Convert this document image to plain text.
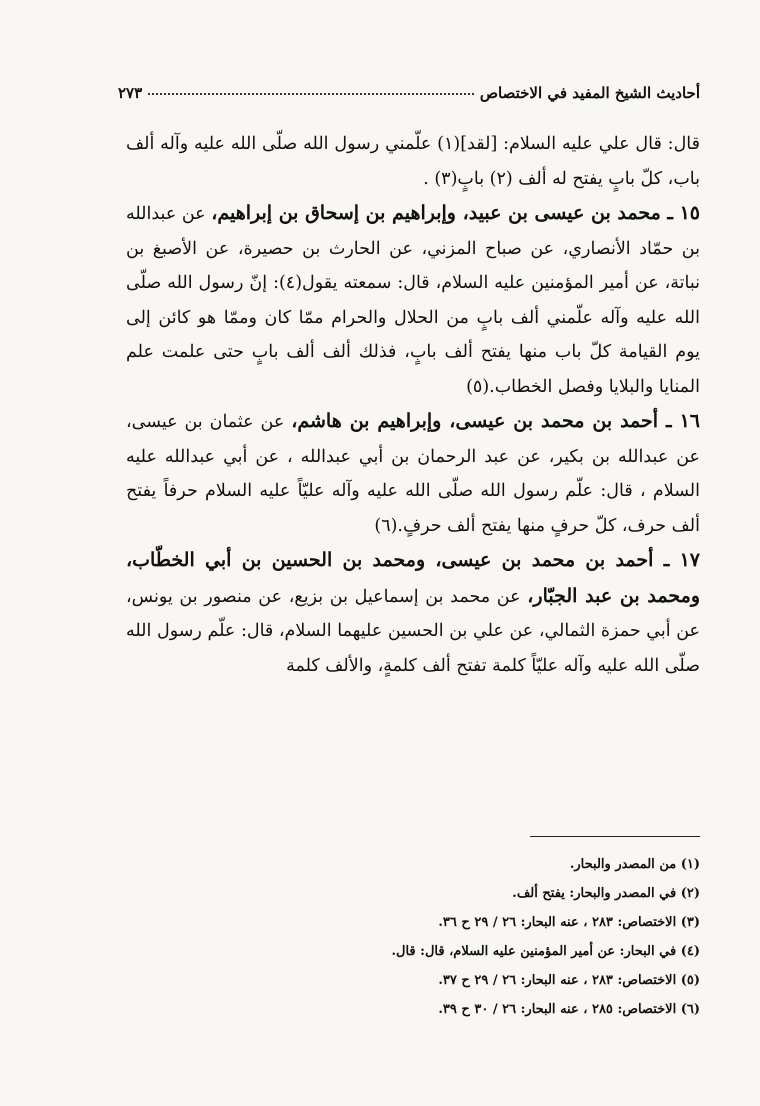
أحاديث الشيخ المفيد في الاختصاص
٢٧٣

قال: قال علي عليه السلام: [لقد](١) علّمني رسول الله صلّى الله عليه وآله ألف باب، كلّ بابٍ يفتح له ألف (٢) بابٍ(٣) .

١٥ ـ محمد بن عيسى بن عبيد، وإبراهيم بن إسحاق بن إبراهيم، عن عبدالله بن حمّاد الأنصاري، عن صباح المزني، عن الحارث بن حصيرة، عن الأصبغ بن نباتة، عن أمير المؤمنين عليه السلام، قال: سمعته يقول(٤): إنّ رسول الله صلّى الله عليه وآله علّمني ألف بابٍ من الحلال والحرام ممّا كان وممّا هو كائن إلى يوم القيامة كلّ باب منها يفتح ألف بابٍ، فذلك ألف ألف بابٍ حتى علمت علم المنايا والبلايا وفصل الخطاب.(٥)

١٦ ـ أحمد بن محمد بن عيسى، وإبراهيم بن هاشم، عن عثمان بن عيسى، عن عبدالله بن بكير، عن عبد الرحمان بن أبي عبدالله ، عن أبي عبدالله عليه السلام ، قال: علّم رسول الله صلّى الله عليه وآله عليّاً عليه السلام حرفاً يفتح ألف حرف، كلّ حرفٍ منها يفتح ألف حرفٍ.(٦)

١٧ ـ أحمد بن محمد بن عيسى، ومحمد بن الحسين بن أبي الخطّاب، ومحمد بن عبد الجبّار، عن محمد بن إسماعيل بن بزيع، عن منصور بن يونس، عن أبي حمزة الثمالي، عن علي بن الحسين عليهما السلام، قال: علّم رسول الله صلّى الله عليه وآله عليّاً كلمة تفتح ألف كلمةٍ، والألف كلمة

(١) من المصدر والبحار.
(٢) في المصدر والبحار: يفتح ألف.
(٣) الاختصاص: ٢٨٣ ، عنه البحار: ٢٦ / ٢٩ ح ٣٦.
(٤) في البحار: عن أمير المؤمنين عليه السلام، قال: قال.
(٥) الاختصاص: ٢٨٣ ، عنه البحار: ٢٦ / ٢٩ ح ٣٧.
(٦) الاختصاص: ٢٨٥ ، عنه البحار: ٢٦ / ٣٠ ح ٣٩.
